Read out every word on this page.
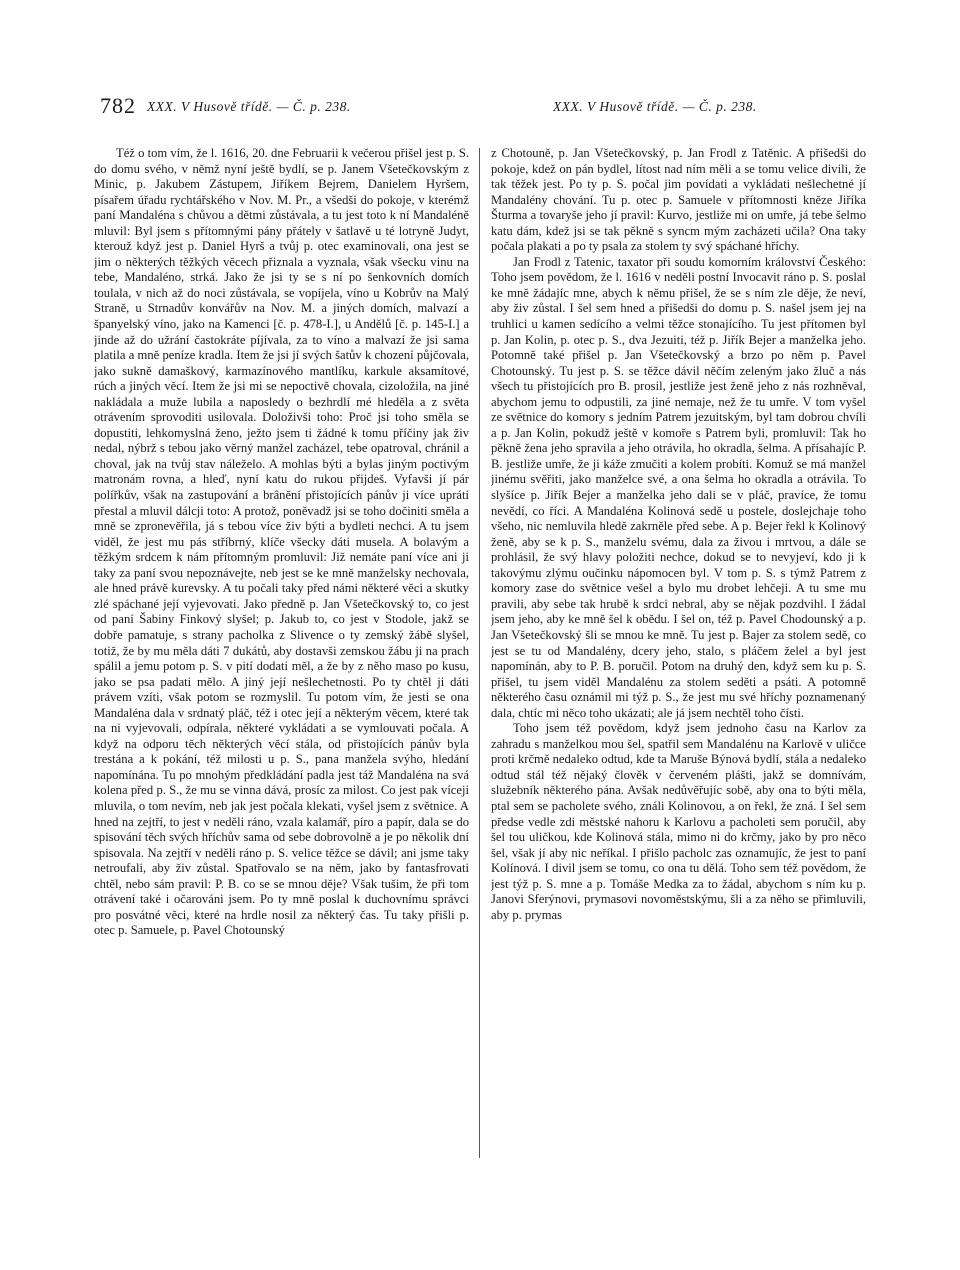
782 XXX. V Husově třídě. — Č. p. 238.	XXX. V Husově třídě. — Č. p. 238.

Též o tom vím, že l. 1616, 20. dne Februarii k večerou přišel jest p. S. do domu svého, v němž nyní ještě bydlí, se p. Janem Všetečkovským z Minic, p. Jakubem Zástupem, Jiříkem Bejrem, Danielem Hyršem, písařem úřadu rychtářského v Nov. M. Pr., a všedši do pokoje, v kterémž paní Mandaléna s chůvou a dětmi zůstávala, a tu jest toto k ní Mandaléně mluvil: Byl jsem s přítomnými pány přátely v šatlavě u té lotryně Judyt, kterouž když jest p. Daniel Hyrš a tvůj p. otec examinovali, ona jest se jim o některých těžkých věcech přiznala a vyznala, však všecku vinu na tebe, Mandaléno, strká. Jako že jsi ty se s ní po šenkovních domích toulala, v nich až do noci zůstávala, se vopíjela, víno u Kobrův na Malý Straně, u Strnadův konvářův na Nov. M. a jiných domích, malvazí a španyelský víno, jako na Kamenci [č. p. 478-I.], u Andělů [č. p. 145-I.] a jinde až do užrání častokráte píjívala, za to víno a malvazí že jsi sama platila a mně peníze kradla. Item že jsi jí svých šatův k chození půjčovala, jako sukně damaškový, karmazínového mantlíku, karkule aksamítové, rúch a jiných věcí. Item že jsi mi se nepoctivě chovala, cizoložila, na jiné nakládala a muže lubila a naposledy o bezhrdlí mé hleděla a z světa otrávením sprovoditi usilovala. Doloživši toho: Proč jsi toho směla se dopustiti, lehkomyslná ženo, ježto jsem ti žádné k tomu příčiny jak živ nedal, nýbrž s tebou jako věrný manžel zacházel, tebe opatroval, chránil a choval, jak na tvůj stav náleželo. A mohlas býti a bylas jiným poctivým matronám rovna, a hleď, nyní katu do rukou přijdeš. Vyfavši jí pár polířkův, však na zastupování a brânění přistojících pánův ji více upráti přestal a mluvil dálcji toto: A protož, poněvadž jsi se toho dočiniti směla a mně se zpronevěřila, já s tebou více živ býti a bydleti nechci. A tu jsem viděl, že jest mu pás stříbrný, klíče všecky dáti musela. A bolavým a těžkým srdcem k nám přítomným promluvil: Již nemáte paní více ani ji taky za paní svou nepoznávejte, neb jest se ke mně manželsky nechovala, ale hned právě kurevsky. A tu počali taky před námi některé věci a skutky zlé spáchané její vyjevovati. Jako předně p. Jan Všetečkovský to, co jest od paní Šabiny Finkový slyšel; p. Jakub to, co jest v Stodole, jakž se dobře pamatuje, s strany pacholka z Slivence o ty zemský žábě slyšel, totiž, že by mu měla dáti 7 dukátů, aby dostavši zemskou žábu ji na prach spálil a jemu potom p. S. v pití dodati měl, a že by z něho maso po kusu, jako se psa padati mělo. A jiný její nešlechetnosti. Po ty chtěl ji dáti právem vzíti, však potom se rozmyslil. Tu potom vím, že jesti se ona Mandaléna dala v srdnatý pláč, též i otec její a některým věcem, které tak na ni vyjevovali, odpírala, některé vykládati a se vymlouvati počala. A když na odporu těch některých věcí stála, od přistojících pánův byla trestána a k pokání, též milosti u p. S., pana manžela svýho, hledání napomínána. Tu po mnohým předkládání padla jest táž Mandaléna na svá kolena před p. S., že mu se vinna dává, prosíc za milost. Co jest pak víceji mluvila, o tom nevím, neb jak jest počala klekati, vyšel jsem z světnice. A hned na zejtří, to jest v neděli ráno, vzala kalamář, píro a papír, dala se do spisování těch svých hříchův sama od sebe dobrovolně a je po několik dní spisovala. Na zejtří v neděli ráno p. S. velice těžce se dávil; ani jsme taky netroufali, aby živ zůstal. Spatřovalo se na něm, jako by fantasfrovati chtěl, nebo sám pravil: P. B. co se se mnou děje? Však tušim, že při tom otrávení také i očarováni jsem. Po ty mně poslal k duchovnímu správci pro posvátné věci, které na hrdle nosil za některý čas. Tu taky přišli p. otec p. Samuele, p. Pavel Chotounský

z Chotouně, p. Jan Všetečkovský, p. Jan Frodl z Tatěnic. A přišedši do pokoje, kdež on pán bydlel, lítost nad ním měli a se tomu velice divili, že tak těžek jest. Po ty p. S. počal jim povídati a vykládati nešlechetné jí Mandalény chování. Tu p. otec p. Samuele v přítomnosti kněze Jiříka Šturma a tovaryše jeho jí pravil: Kurvo, jestliže mi on umře, já tebe šelmo katu dám, kdež jsi se tak pěkně s syncm mým zacházeti učila? Ona taky počala plakati a po ty psala za stolem ty svý spáchané hříchy.

Jan Frodl z Tatenic, taxator při soudu komorním království Českého: Toho jsem povědom, že l. 1616 v neděli postní Invocavit ráno p. S. poslal ke mně žádajíc mne, abych k němu přišel, že se s ním zle děje, že neví, aby živ zůstal. I šel sem hned a přišedši do domu p. S. našel jsem jej na truhlici u kamen sedícího a velmi těžce stonajícího. Tu jest přítomen byl p. Jan Kolin, p. otec p. S., dva Jezuiti, též p. Jiřík Bejer a manželka jeho. Potomně také přišel p. Jan Všetečkovský a brzo po něm p. Pavel Chotounský. Tu jest p. S. se těžce dávil něčím zeleným jako žluč a nás všech tu přistojících pro B. prosil, jestliže jest ženě jeho z nás rozhněval, abychom jemu to odpustili, za jiné nemaje, než že tu umře. V tom vyšel ze světnice do komory s jedním Patrem jezuitským, byl tam dobrou chvíli a p. Jan Kolin, pokudž ještě v komoře s Patrem byli, promluvil: Tak ho pěkně žena jeho spravila a jeho otrávila, ho okradla, šelma. A přísahajíc P. B. jestliže umře, že ji káže zmučiti a kolem probíti. Komuž se má manžel jinému svěřiti, jako manželce své, a ona šelma ho okradla a otrávila. To slyšíce p. Jiřík Bejer a manželka jeho dali se v pláč, pravíce, že tomu nevědí, co říci. A Mandaléna Kolinová sedě u postele, doslejchaje toho všeho, nic nemluvila hledě zakrněle před sebe. A p. Bejer řekl k Kolinový ženě, aby se k p. S., manželu svému, dala za živou i mrtvou, a dále se prohlásil, že svý hlavy položiti nechce, dokud se to nevyjeví, kdo ji k takovýmu zlýmu oučinku nápomocen byl. V tom p. S. s týmž Patrem z komory zase do světnice vešel a bylo mu drobet lehčeji. A tu sme mu pravili, aby sebe tak hrubě k srdci nebral, aby se nějak pozdvihl. I žádal jsem jeho, aby ke mně šel k obědu. I šel on, též p. Pavel Chodounský a p. Jan Všetečkovský šli se mnou ke mně. Tu jest p. Bajer za stolem sedě, co jest se tu od Mandalény, dcery jeho, stalo, s pláčem želel a byl jest napomínán, aby to P. B. poručil. Potom na druhý den, když sem ku p. S. přišel, tu jsem viděl Mandalénu za stolem seděti a psáti. A potomně některého času oznámil mi týž p. S., že jest mu své hříchy poznamenaný dala, chtíc mi něco toho ukázati; ale já jsem nechtěl toho čísti.

Toho jsem též povědom, když jsem jednoho času na Karlov za zahradu s manželkou mou šel, spatřil sem Mandalénu na Karlově v uličce proti krčmě nedaleko odtud, kde ta Maruše Býnová bydlí, stála a nedaleko odtud stál též nějaký člověk v červeném plášti, jakž se domnívám, služebník některého pána. Avšak nedůvěřujíc sobě, aby ona to býti měla, ptal sem se pacholete svého, ználi Kolinovou, a on řekl, že zná. I šel sem předse vedle zdi městské nahoru k Karlovu a pacholeti sem poručil, aby šel tou uličkou, kde Kolinová stála, mimo ni do krčmy, jako by pro něco šel, však jí aby nic neříkal. I přišlo pacholc zas oznamujíc, že jest to paní Kolínová. I divil jsem se tomu, co ona tu dělá. Toho sem též povědom, že jest týž p. S. mne a p. Tomáše Medka za to žádal, abychom s ním ku p. Janovi Sferýnovi, prymasovi novoměstskýmu, šli a za něho se přimluvili, aby p. prymas
